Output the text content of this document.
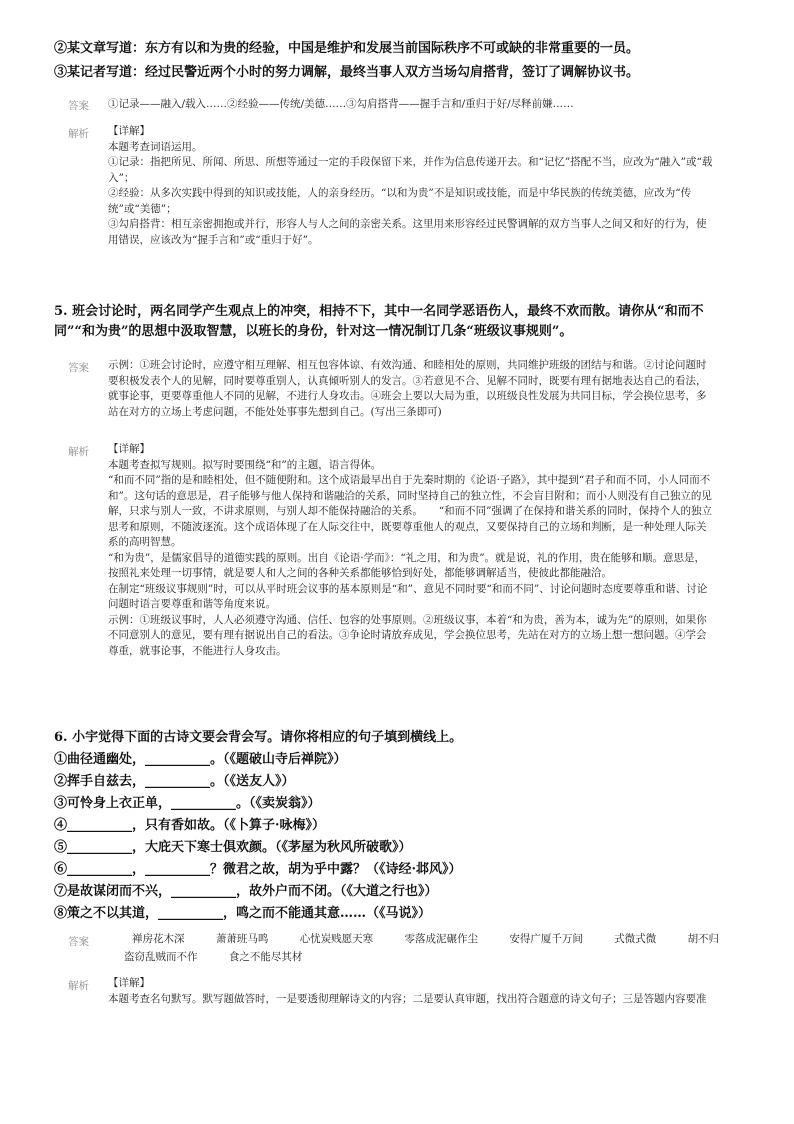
②某文章写道：东方有以和为贵的经验，中国是维护和发展当前国际秩序不可或缺的非常重要的一员。
③某记者写道：经过民警近两个小时的努力调解，最终当事人双方当场勾肩搭背，签订了调解协议书。
答案 ①记录——融入/载入……②经验——传统/美德……③勾肩搭背——握手言和/重归于好/尽释前嫌……
解析 【详解】

本题考查词语运用。

①记录：指把所见、所闻、所思、所想等通过一定的手段保留下来，并作为信息传递开去。和“记忆”搭配不当，应改为“融入”或“载入”；

②经验：从多次实践中得到的知识或技能，人的亲身经历。“以和为贵”不是知识或技能，而是中华民族的传统美德，应改为“传统”或“美德”；

③勾肩搭背：相互亲密拥抱或并行，形容人与人之间的亲密关系。这里用来形容经过民警调解的双方当事人之间又和好的行为，使用错误，应该改为“握手言和”或“重归于好”。

5. 班会讨论时，两名同学产生观点上的冲突，相持不下，其中一名同学恶语伤人，最终不欢而散。请你从“和而不同”“和为贵”的思想中汲取智慧，以班长的身份，针对这一情况制订几条“班级议事规则”。
答案 示例：①班会讨论时，应遵守相互理解、相互包容体谅、有效沟通、和睦相处的原则，共同维护班级的团结与和谐。②讨论问题时要积极发表个人的见解，同时要尊重别人，认真倾听别人的发言。③若意见不合、见解不同时，既要有理有据地表达自己的看法，就事论事，更要尊重他人不同的见解，不进行人身攻击。④班会上要以大局为重，以班级良性发展为共同目标，学会换位思考，多站在对方的立场上考虑问题，不能处处事事先想到自己。(写出三条即可)
解析 【详解】

本题考查拟写规则。拟写时要围绕“和”的主题，语言得体。

“和而不同”指的是和睦相处，但不随便附和。这个成语最早出自于先秦时期的《论语·子路》，其中提到“君子和而不同，小人同而不和”。这句话的意思是，君子能够与他人保持和谐融洽的关系，同时坚持自己的独立性，不会盲目附和；而小人则没有自己独立的见解，只求与别人一致，不讲求原则，与别人却不能保持融洽的关系。　　“和而不同”强调了在保持和谐关系的同时，保持个人的独立思考和原则，不随波逐流。这个成语体现了在人际交往中，既要尊重他人的观点，又要保持自己的立场和判断，是一种处理人际关系的高明智慧。

“和为贵”，是儒家倡导的道德实践的原则。出自《论语·学而》：“礼之用，和为贵”。就是说，礼的作用，贵在能够和顺。意思是，按照礼来处理一切事情，就是要人和人之间的各种关系都能够恰到好处，都能够调解适当，使彼此都能融洽。

在制定“班级议事规则”时，可以从平时班会议事的基本原则是“和”、意见不同时要“和而不同”、讨论问题时态度要尊重和谐、讨论问题时语言要尊重和谐等角度来说。

示例：①班级议事时，人人必须遵守沟通、信任、包容的处事原则。②班级议事，本着“和为贵，善为本，诚为先”的原则，如果你不同意别人的意见，要有理有据说出自己的看法。③争论时请放弃成见，学会换位思考，先站在对方的立场上想一想问题。④学会尊重，就事论事，不能进行人身攻击。

6. 小宇觉得下面的古诗文要会背会写。请你将相应的句子填到横线上。
①曲径通幽处，__________。（《题破山寺后禅院》）
②挥手自兹去，__________。（《送友人》）
③可怜身上衣正单，__________。（《卖炭翁》）
④__________，只有香如故。（《卜算子·咏梅》）
⑤__________，大庇天下寒士俱欢颜。（《茅屋为秋风所破歌》）
⑥__________，__________？微君之故，胡为乎中露？（《诗经·邶风》）
⑦是故谋闭而不兴，__________，故外户而不闭。（《大道之行也》）
⑧策之不以其道，__________，鸣之而不能通其意……（《马说》）
答案	禅房花木深	萧萧班马鸣	心忧炭贱愿天寒	零落成泥碾作尘	安得广厦千万间	式微式微	胡不归
盗窃乱贼而不作	食之不能尽其材
解析 【详解】

本题考查名句默写。默写题做答时，一是要透彻理解诗文的内容；二是要认真审题，找出符合题意的诗文句子；三是答题内容要准
